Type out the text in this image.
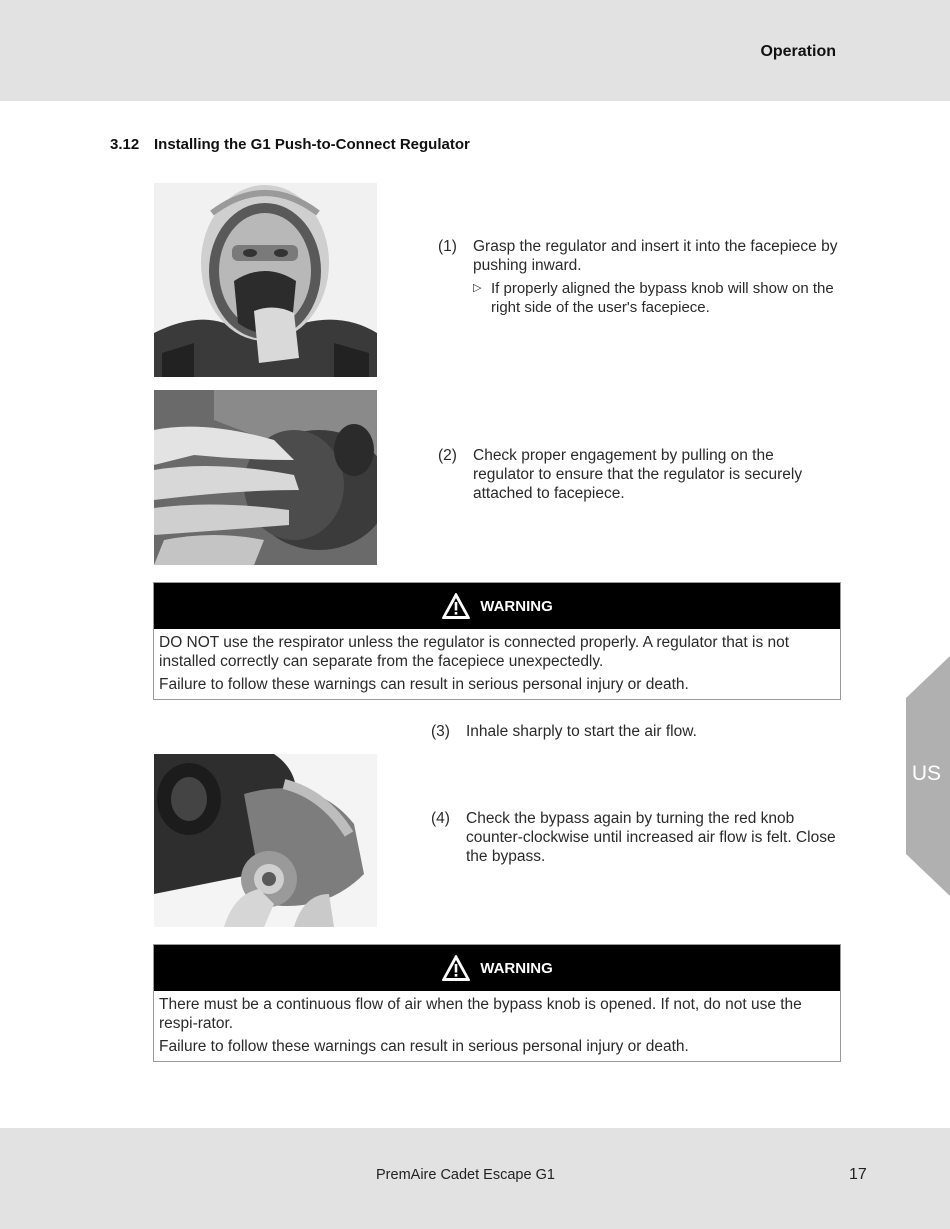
Operation
3.12 Installing the G1 Push-to-Connect Regulator
(1) Grasp the regulator and insert it into the facepiece by pushing inward.
▷ If properly aligned the bypass knob will show on the right side of the user's facepiece.
(2) Check proper engagement by pulling on the regulator to ensure that the regulator is securely attached to facepiece.
WARNING

DO NOT use the respirator unless the regulator is connected properly. A regulator that is not installed correctly can separate from the facepiece unexpectedly.

Failure to follow these warnings can result in serious personal injury or death.

(3) Inhale sharply to start the air flow.
(4) Check the bypass again by turning the red knob counter-clockwise until increased air flow is felt. Close the bypass.
WARNING

There must be a continuous flow of air when the bypass knob is opened. If not, do not use the respi-rator.

Failure to follow these warnings can result in serious personal injury or death.

US
PremAire Cadet Escape G1	17
